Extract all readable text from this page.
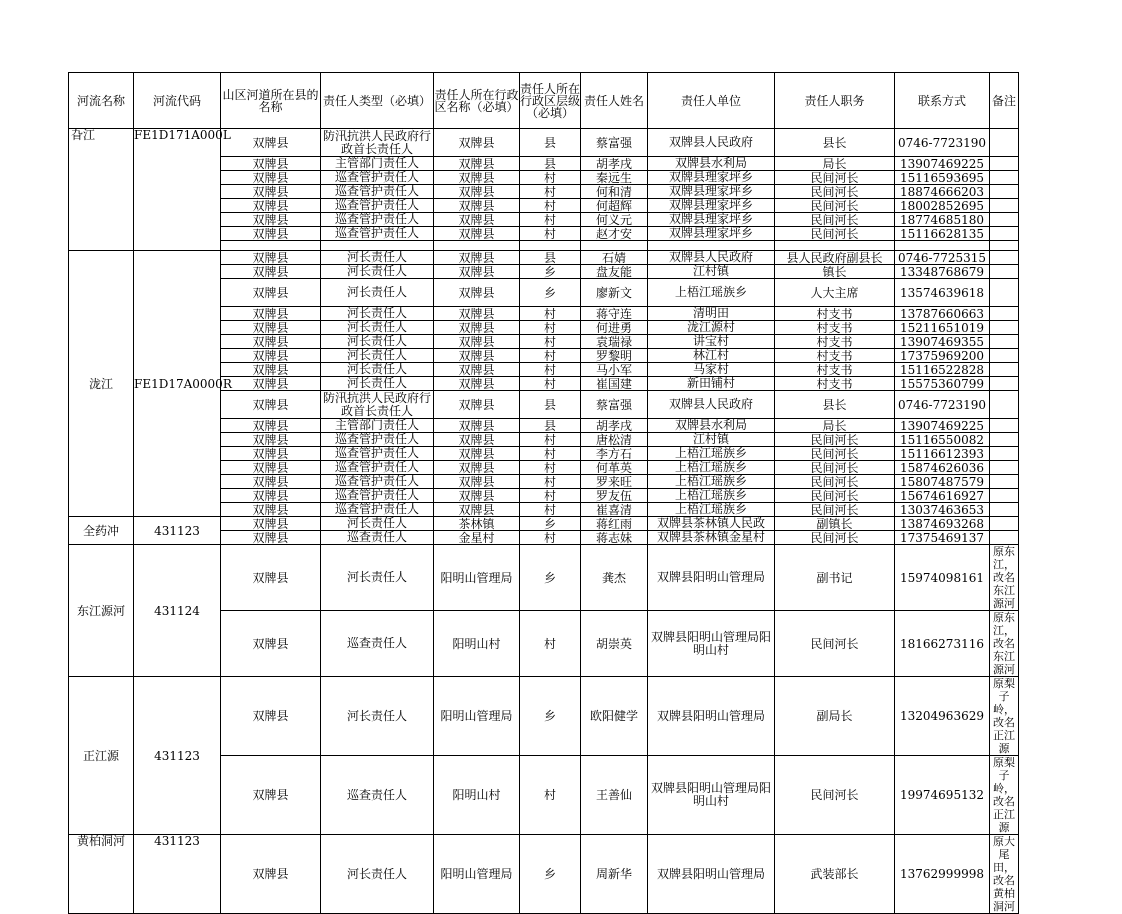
河流名称	河流代码	山区河道所在县的名称	责任人类型（必填）	责任人所在行政区名称（必填）	责任人所在行政区层级（必填）	责任人姓名	责任人单位	责任人职务	联系方式	备注
旮江	FE1D171A000L	双牌县	防汛抗洪人民政府行政首长责任人	双牌县	县	蔡富强	双牌县人民政府	县长	0746-7723190	
		双牌县	主管部门责任人	双牌县	县	胡孝戌	双牌县水利局	局长	13907469225	
		双牌县	巡查管护责任人	双牌县	村	秦远生	双牌县理家坪乡	民间河长	15116593695	
		双牌县	巡查管护责任人	双牌县	村	何和清	双牌县理家坪乡	民间河长	18874666203	
		双牌县	巡查管护责任人	双牌县	村	何超辉	双牌县理家坪乡	民间河长	18002852695	
		双牌县	巡查管护责任人	双牌县	村	何义元	双牌县理家坪乡	民间河长	18774685180	
		双牌县	巡查管护责任人	双牌县	村	赵才安	双牌县理家坪乡	民间河长	15116628135	

泷江	FE1D17A0000R	双牌县	河长责任人	双牌县	县	石婧	双牌县人民政府	县人民政府副县长	0746-7725315	
		双牌县	河长责任人	双牌县	乡	盘友能	江村镇	镇长	13348768679	
		双牌县	河长责任人	双牌县	乡	廖新文	上梧江瑶族乡	人大主席	13574639618	
		双牌县	河长责任人	双牌县	村	蒋守连	清明田	村支书	13787660663	
		双牌县	河长责任人	双牌县	村	何进勇	泷江源村	村支书	15211651019	
		双牌县	河长责任人	双牌县	村	袁瑞禄	讲宝村	村支书	13907469355	
		双牌县	河长责任人	双牌县	村	罗黎明	林江村	村支书	17375969200	
		双牌县	河长责任人	双牌县	村	马小军	马家村	村支书	15116522828	
		双牌县	河长责任人	双牌县	村	崔国建	新田铺村	村支书	15575360799	
		双牌县	防汛抗洪人民政府行政首长责任人	双牌县	县	蔡富强	双牌县人民政府	县长	0746-7723190	
		双牌县	主管部门责任人	双牌县	县	胡孝戌	双牌县水利局	局长	13907469225	
		双牌县	巡查管护责任人	双牌县	村	唐松清	江村镇	民间河长	15116550082	
		双牌县	巡查管护责任人	双牌县	村	李方石	上梧江瑶族乡	民间河长	15116612393	
		双牌县	巡查管护责任人	双牌县	村	何革英	上梧江瑶族乡	民间河长	15874626036	
		双牌县	巡查管护责任人	双牌县	村	罗来旺	上梧江瑶族乡	民间河长	15807487579	
		双牌县	巡查管护责任人	双牌县	村	罗友伍	上梧江瑶族乡	民间河长	15674616927	
		双牌县	巡查管护责任人	双牌县	村	崔喜清	上梧江瑶族乡	民间河长	13037463653	
全药冲	431123	双牌县	河长责任人	茶林镇	乡	蒋红雨	双牌县茶林镇人民政	副镇长	13874693268	
		双牌县	巡查责任人	金星村	村	蒋志妹	双牌县茶林镇金星村	民间河长	17375469137	
东江源河	431124	双牌县	河长责任人	阳明山管理局	乡	龚杰	双牌县阳明山管理局	副书记	15974098161	原东江，改名东江源河
		双牌县	巡查责任人	阳明山村	村	胡崇英	双牌县阳明山管理局阳明山村	民间河长	18166273116	原东江，改名东江源河
正江源	431123	双牌县	河长责任人	阳明山管理局	乡	欧阳健学	双牌县阳明山管理局	副局长	13204963629	原梨子岭，改名正江源
		双牌县	巡查责任人	阳明山村	村	王善仙	双牌县阳明山管理局阳明山村	民间河长	19974695132	原梨子岭，改名正江源
黄柏洞河	431123	双牌县	河长责任人	阳明山管理局	乡	周新华	双牌县阳明山管理局	武装部长	13762999998	原大尾田，改名黄柏洞河
